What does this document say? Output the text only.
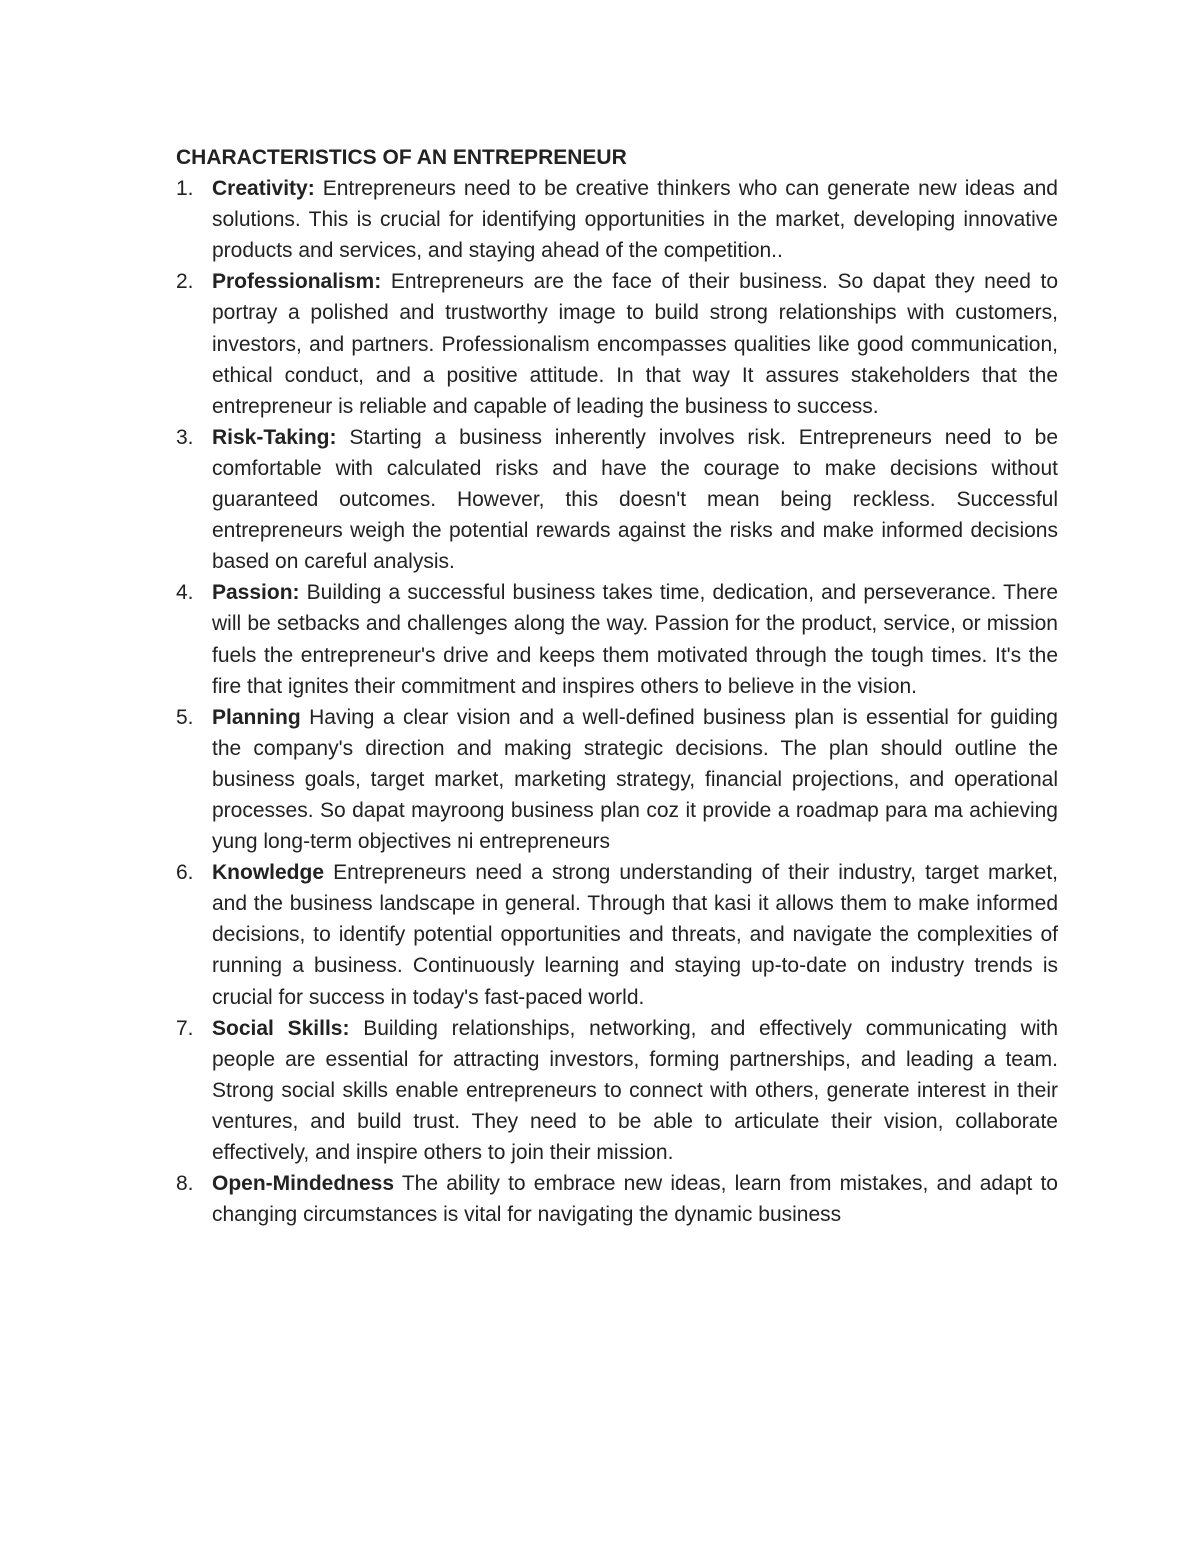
CHARACTERISTICS OF AN ENTREPRENEUR
1. Creativity: Entrepreneurs need to be creative thinkers who can generate new ideas and solutions. This is crucial for identifying opportunities in the market, developing innovative products and services, and staying ahead of the competition..
2. Professionalism: Entrepreneurs are the face of their business. So dapat they need to portray a polished and trustworthy image to build strong relationships with customers, investors, and partners. Professionalism encompasses qualities like good communication, ethical conduct, and a positive attitude. In that way It assures stakeholders that the entrepreneur is reliable and capable of leading the business to success.
3. Risk-Taking: Starting a business inherently involves risk. Entrepreneurs need to be comfortable with calculated risks and have the courage to make decisions without guaranteed outcomes. However, this doesn't mean being reckless. Successful entrepreneurs weigh the potential rewards against the risks and make informed decisions based on careful analysis.
4. Passion: Building a successful business takes time, dedication, and perseverance. There will be setbacks and challenges along the way. Passion for the product, service, or mission fuels the entrepreneur's drive and keeps them motivated through the tough times. It's the fire that ignites their commitment and inspires others to believe in the vision.
5. Planning Having a clear vision and a well-defined business plan is essential for guiding the company's direction and making strategic decisions. The plan should outline the business goals, target market, marketing strategy, financial projections, and operational processes. So dapat mayroong business plan coz it provide a roadmap para ma achieving yung long-term objectives ni entrepreneurs
6. Knowledge Entrepreneurs need a strong understanding of their industry, target market, and the business landscape in general. Through that kasi it allows them to make informed decisions, to identify potential opportunities and threats, and navigate the complexities of running a business. Continuously learning and staying up-to-date on industry trends is crucial for success in today's fast-paced world.
7. Social Skills: Building relationships, networking, and effectively communicating with people are essential for attracting investors, forming partnerships, and leading a team. Strong social skills enable entrepreneurs to connect with others, generate interest in their ventures, and build trust. They need to be able to articulate their vision, collaborate effectively, and inspire others to join their mission.
8. Open-Mindedness The ability to embrace new ideas, learn from mistakes, and adapt to changing circumstances is vital for navigating the dynamic business
